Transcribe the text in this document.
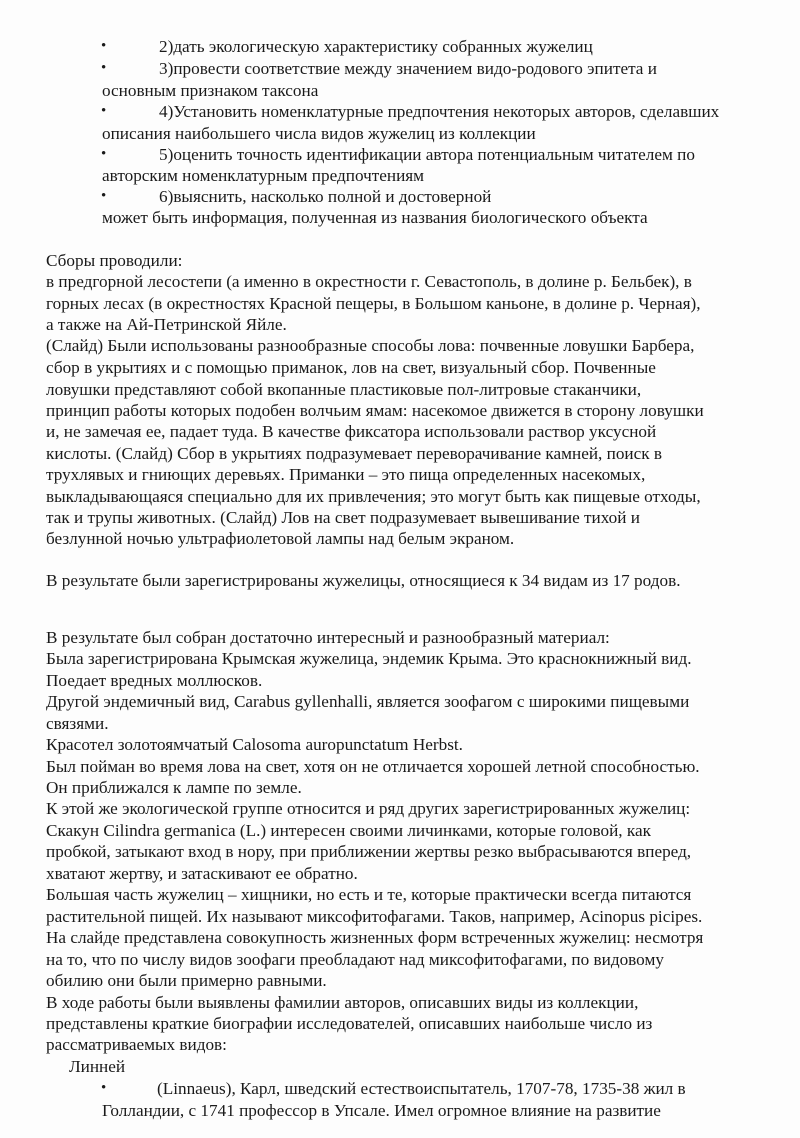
•	2)дать экологическую характеристику собранных жужелиц
•	3)провести соответствие между значением видо-родового эпитета и
основным признаком таксона
•	4)Установить номенклатурные предпочтения некоторых авторов, сделавших
описания наибольшего числа видов жужелиц из коллекции
•	5)оценить точность идентификации автора потенциальным читателем по
авторским номенклатурным предпочтениям
•	6)выяснить, насколько полной и достоверной
может быть информация, полученная из названия биологического объекта
Сборы проводили:
в предгорной лесостепи (а именно в окрестности г. Севастополь, в долине р. Бельбек), в
горных лесах (в окрестностях Красной пещеры, в Большом каньоне, в долине р. Черная),
а также на Ай-Петринской Яйле.
(Слайд) Были использованы разнообразные способы лова: почвенные ловушки Барбера,
сбор в укрытиях и с помощью приманок, лов на свет, визуальный сбор. Почвенные
ловушки представляют собой вкопанные пластиковые пол-литровые стаканчики,
принцип работы которых подобен волчьим ямам: насекомое движется в сторону ловушки
и, не замечая ее, падает туда. В качестве фиксатора использовали раствор уксусной
кислоты. (Слайд) Сбор в укрытиях подразумевает переворачивание камней, поиск в
трухлявых и гниющих деревьях. Приманки – это пища определенных насекомых,
выкладывающаяся специально для их привлечения; это могут быть как пищевые отходы,
так и трупы животных. (Слайд) Лов на свет подразумевает вывешивание тихой и
безлунной ночью ультрафиолетовой лампы над белым экраном.
В результате были зарегистрированы жужелицы, относящиеся к 34 видам из 17 родов.
В результате был собран достаточно интересный и разнообразный материал:
Была зарегистрирована Крымская жужелица, эндемик Крыма. Это краснокнижный вид.
Поедает вредных моллюсков.
Другой эндемичный вид, Carabus gyllenhalli, является зоофагом с широкими пищевыми
связями.
Красотел золотоямчатый Calosoma auropunctatum Herbst.
Был пойман во время лова на свет, хотя он не отличается хорошей летной способностью.
Он приближался к лампе по земле.
К этой же экологической группе относится и ряд других зарегистрированных жужелиц:
Скакун Cilindra germanica (L.) интересен своими личинками, которые головой, как
пробкой, затыкают вход в нору, при приближении жертвы резко выбрасываются вперед,
хватают жертву, и затаскивают ее обратно.
Большая часть жужелиц – хищники, но есть и те, которые практически всегда питаются
растительной пищей. Их называют миксофитофагами. Таков, например, Acinopus picipes.
На слайде представлена совокупность жизненных форм встреченных жужелиц: несмотря
на то, что по числу видов зоофаги преобладают над миксофитофагами, по видовому
обилию они были примерно равными.
В ходе работы были выявлены фамилии авторов, описавших виды из коллекции,
представлены краткие биографии исследователей, описавших наибольше число из
рассматриваемых видов:
Линней
•	(Linnaeus), Карл, шведский естествоиспытатель, 1707-78, 1735-38 жил в
Голландии, с 1741 профессор в Упсале. Имел огромное влияние на развитие
